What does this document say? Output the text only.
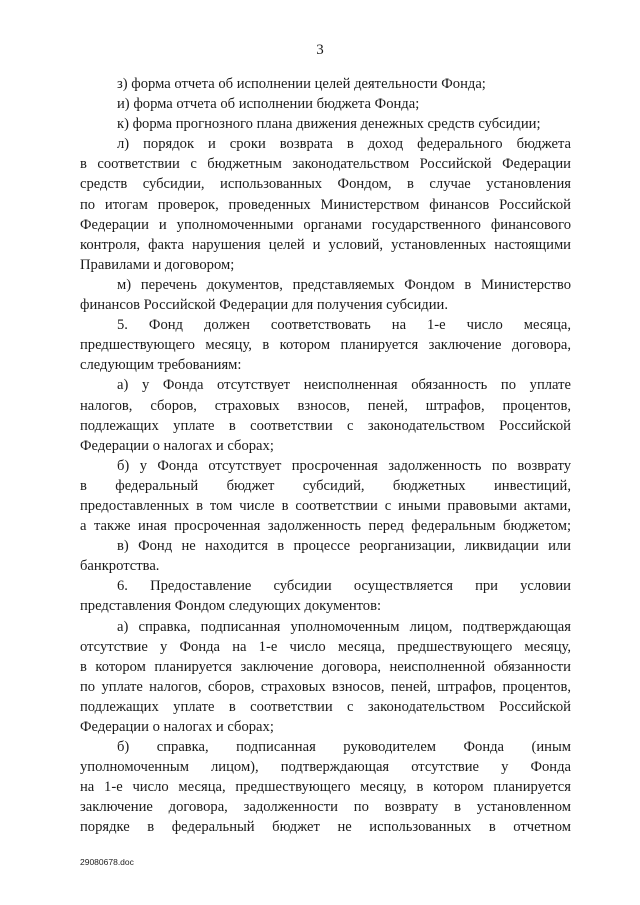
3
з) форма отчета об исполнении целей деятельности Фонда;
и) форма отчета об исполнении бюджета Фонда;
к) форма прогнозного плана движения денежных средств субсидии;
л) порядок и сроки возврата в доход федерального бюджета
в соответствии с бюджетным законодательством Российской Федерации
средств субсидии, использованных Фондом, в случае установления
по итогам проверок, проведенных Министерством финансов Российской
Федерации и уполномоченными органами государственного финансового
контроля, факта нарушения целей и условий, установленных настоящими
Правилами и договором;
м) перечень документов, представляемых Фондом в Министерство
финансов Российской Федерации для получения субсидии.
5. Фонд должен соответствовать на 1-е число месяца,
предшествующего месяцу, в котором планируется заключение договора,
следующим требованиям:
а) у Фонда отсутствует неисполненная обязанность по уплате
налогов, сборов, страховых взносов, пеней, штрафов, процентов,
подлежащих уплате в соответствии с законодательством Российской
Федерации о налогах и сборах;
б) у Фонда отсутствует просроченная задолженность по возврату
в федеральный бюджет субсидий, бюджетных инвестиций,
предоставленных в том числе в соответствии с иными правовыми актами,
а также иная просроченная задолженность перед федеральным бюджетом;
в) Фонд не находится в процессе реорганизации, ликвидации или
банкротства.
6. Предоставление субсидии осуществляется при условии
представления Фондом следующих документов:
а) справка, подписанная уполномоченным лицом, подтверждающая
отсутствие у Фонда на 1-е число месяца, предшествующего месяцу,
в котором планируется заключение договора, неисполненной обязанности
по уплате налогов, сборов, страховых взносов, пеней, штрафов, процентов,
подлежащих уплате в соответствии с законодательством Российской
Федерации о налогах и сборах;
б) справка, подписанная руководителем Фонда (иным
уполномоченным лицом), подтверждающая отсутствие у Фонда
на 1-е число месяца, предшествующего месяцу, в котором планируется
заключение договора, задолженности по возврату в установленном
порядке в федеральный бюджет не использованных в отчетном
29080678.doc
